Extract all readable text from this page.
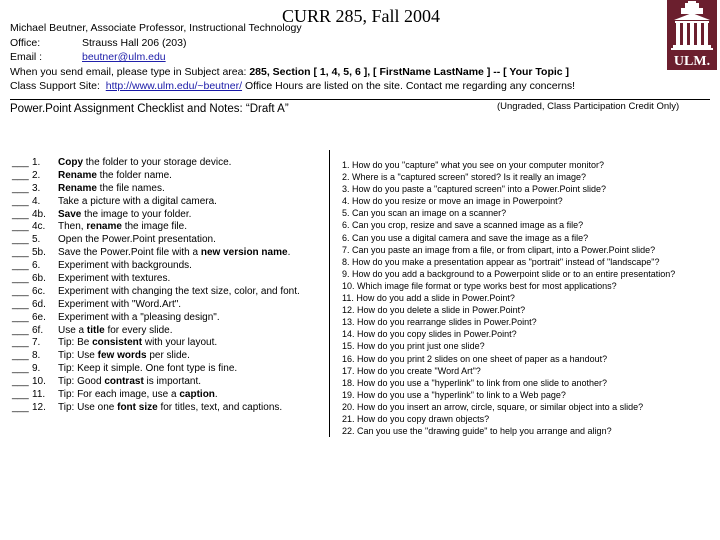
CURR 285, Fall 2004
Michael Beutner, Associate Professor, Instructional Technology
Office:	Strauss Hall 206 (203)
Email :	beutner@ulm.edu
When you send email, please type in Subject area: 285, Section [ 1, 4, 5, 6 ], [ FirstName LastName ] -- [ Your Topic ]
Class Support Site: http://www.ulm.edu/~beutner/ Office Hours are listed on the site. Contact me regarding any concerns!
ULM.
Power.Point Assignment Checklist and Notes: “Draft A”	(Ungraded, Class Participation Credit Only)
___ 1. Copy the folder to your storage device.
___ 2. Rename the folder name.
___ 3. Rename the file names.
___ 4. Take a picture with a digital camera.
___ 4b. Save the image to your folder.
___ 4c. Then, rename the image file.
___ 5. Open the Power.Point presentation.
___ 5b. Save the Power.Point file with a new version name.
___ 6. Experiment with backgrounds.
___ 6b. Experiment with textures.
___ 6c. Experiment with changing the text size, color, and font.
___ 6d. Experiment with "Word.Art".
___ 6e. Experiment with a "pleasing design".
___ 6f. Use a title for every slide.
___ 7. Tip: Be consistent with your layout.
___ 8. Tip: Use few words per slide.
___ 9. Tip: Keep it simple. One font type is fine.
___ 10. Tip: Good contrast is important.
___ 11. Tip: For each image, use a caption.
___ 12. Tip: Use one font size for titles, text, and captions.
1. How do you "capture" what you see on your computer monitor?
2. Where is a "captured screen" stored? Is it really an image?
3. How do you paste a "captured screen" into a Power.Point slide?
4. How do you resize or move an image in Powerpoint?
5. Can you scan an image on a scanner?
6. Can you crop, resize and save a scanned image as a file?
6. Can you use a digital camera and save the image as a file?
7. Can you paste an image from a file, or from clipart, into a Power.Point slide?
8. How do you make a presentation appear as "portrait" instead of "landscape"?
9. How do you add a background to a Powerpoint slide or to an entire presentation?
10. Which image file format or type works best for most applications?
11. How do you add a slide in Power.Point?
12. How do you delete a slide in Power.Point?
13. How do you rearrange slides in Power.Point?
14. How do you copy slides in Power.Point?
15. How do you print just one slide?
16. How do you print 2 slides on one sheet of paper as a handout?
17. How do you create "Word Art"?
18. How do you use a "hyperlink" to link from one slide to another?
19. How do you use a "hyperlink" to link to a Web page?
20. How do you insert an arrow, circle, square, or similar object into a slide?
21. How do you copy drawn objects?
22. Can you use the "drawing guide" to help you arrange and align?
